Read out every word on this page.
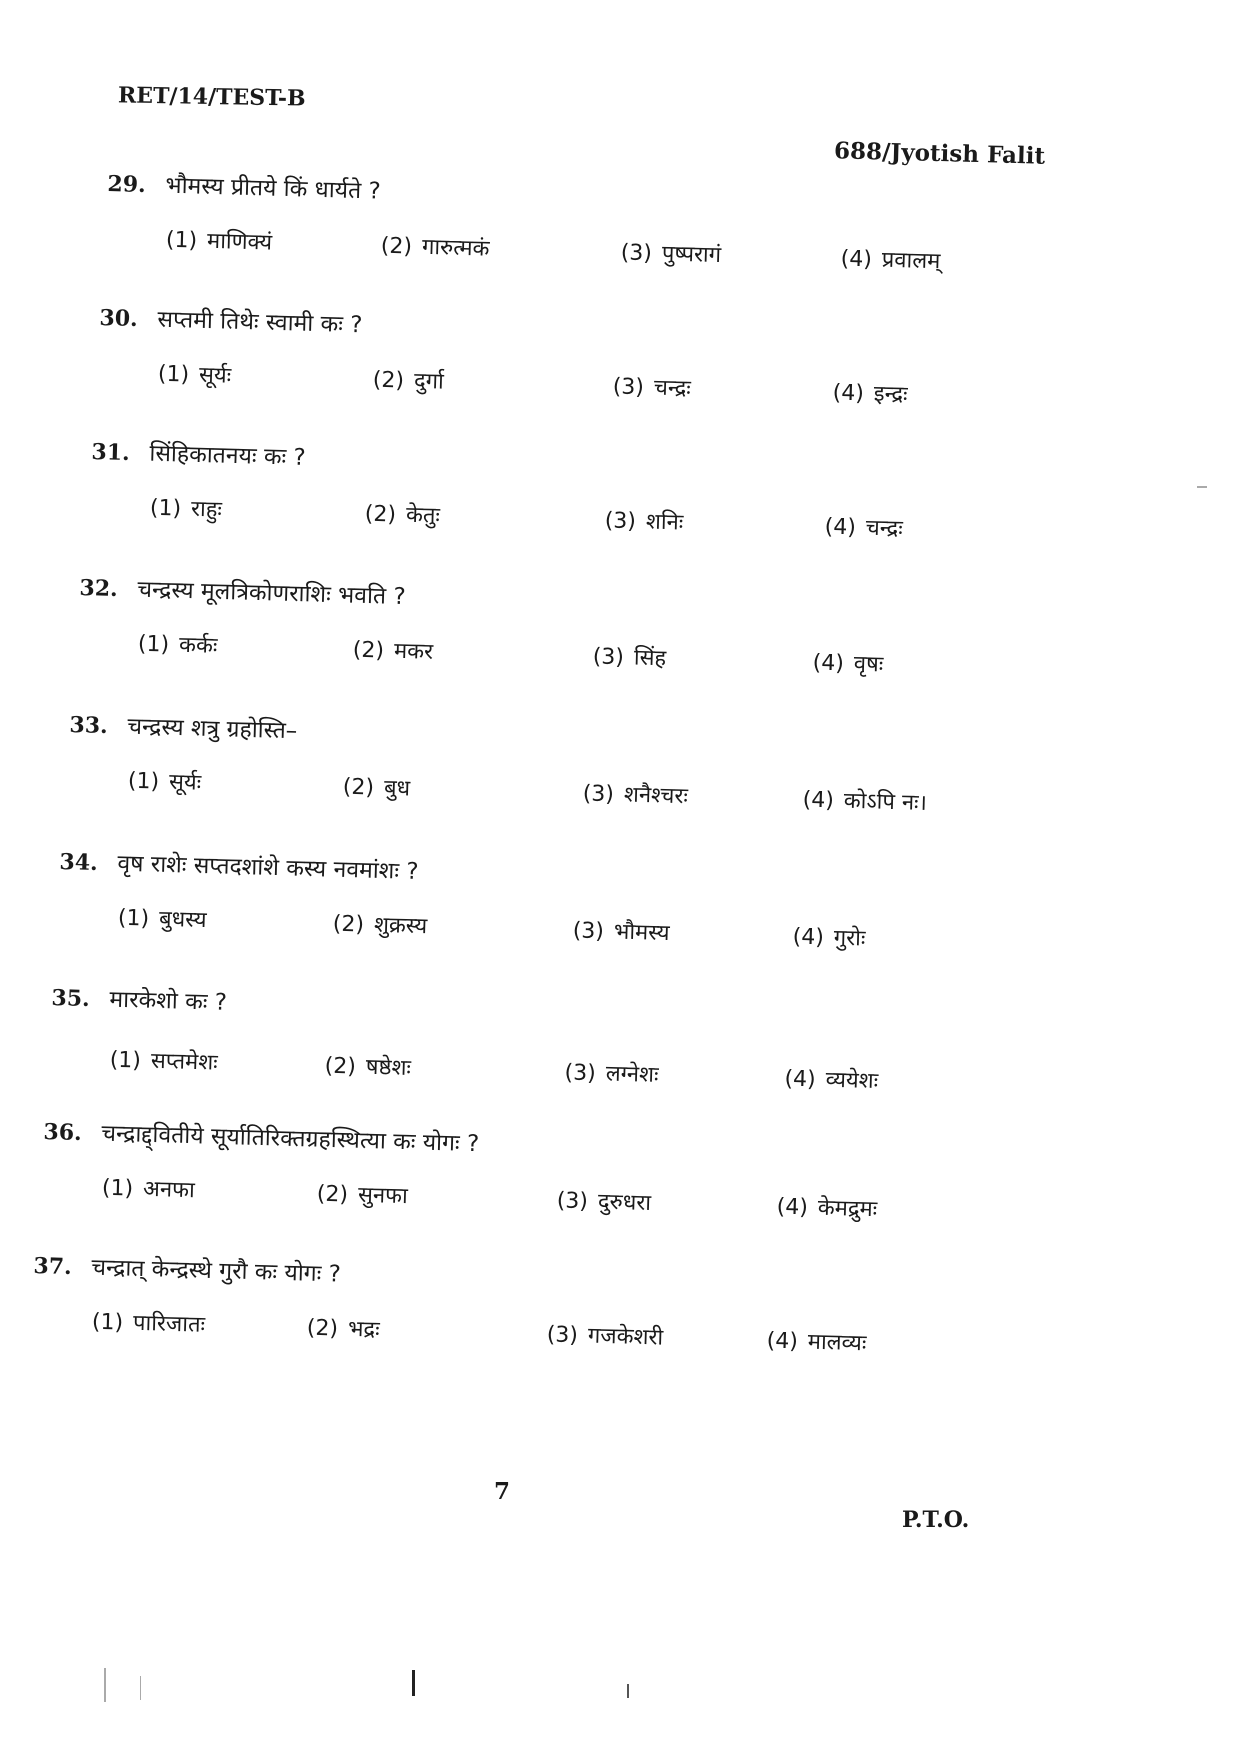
RET/14/TEST-B
688/Jyotish Falit
29. भौमस्य प्रीतये किं धार्यते ?
(1) माणिक्यं	(2) गारुत्मकं	(3) पुष्परागं	(4) प्रवालम्
30. सप्तमी तिथेः स्वामी कः ?
(1) सूर्यः	(2) दुर्गा	(3) चन्द्रः	(4) इन्द्रः
31. सिंहिकातनयः कः ?
(1) राहुः	(2) केतुः	(3) शनिः	(4) चन्द्रः
32. चन्द्रस्य मूलत्रिकोणराशिः भवति ?
(1) कर्कः	(2) मकर	(3) सिंह	(4) वृषः
33. चन्द्रस्य शत्रु ग्रहोस्ति–
(1) सूर्यः	(2) बुध	(3) शनैश्चरः	(4) कोऽपि नः।
34. वृष राशेः सप्तदशांशे कस्य नवमांशः ?
(1) बुधस्य	(2) शुक्रस्य	(3) भौमस्य	(4) गुरोः
35. मारकेशो कः ?
(1) सप्तमेशः	(2) षष्ठेशः	(3) लग्नेशः	(4) व्ययेशः
36. चन्द्राद्द्वितीये सूर्यातिरिक्तग्रहस्थित्या कः योगः ?
(1) अनफा	(2) सुनफा	(3) दुरुधरा	(4) केमद्रुमः
37. चन्द्रात् केन्द्रस्थे गुरौ कः योगः ?
(1) पारिजातः	(2) भद्रः	(3) गजकेशरी	(4) मालव्यः
7
P.T.O.
